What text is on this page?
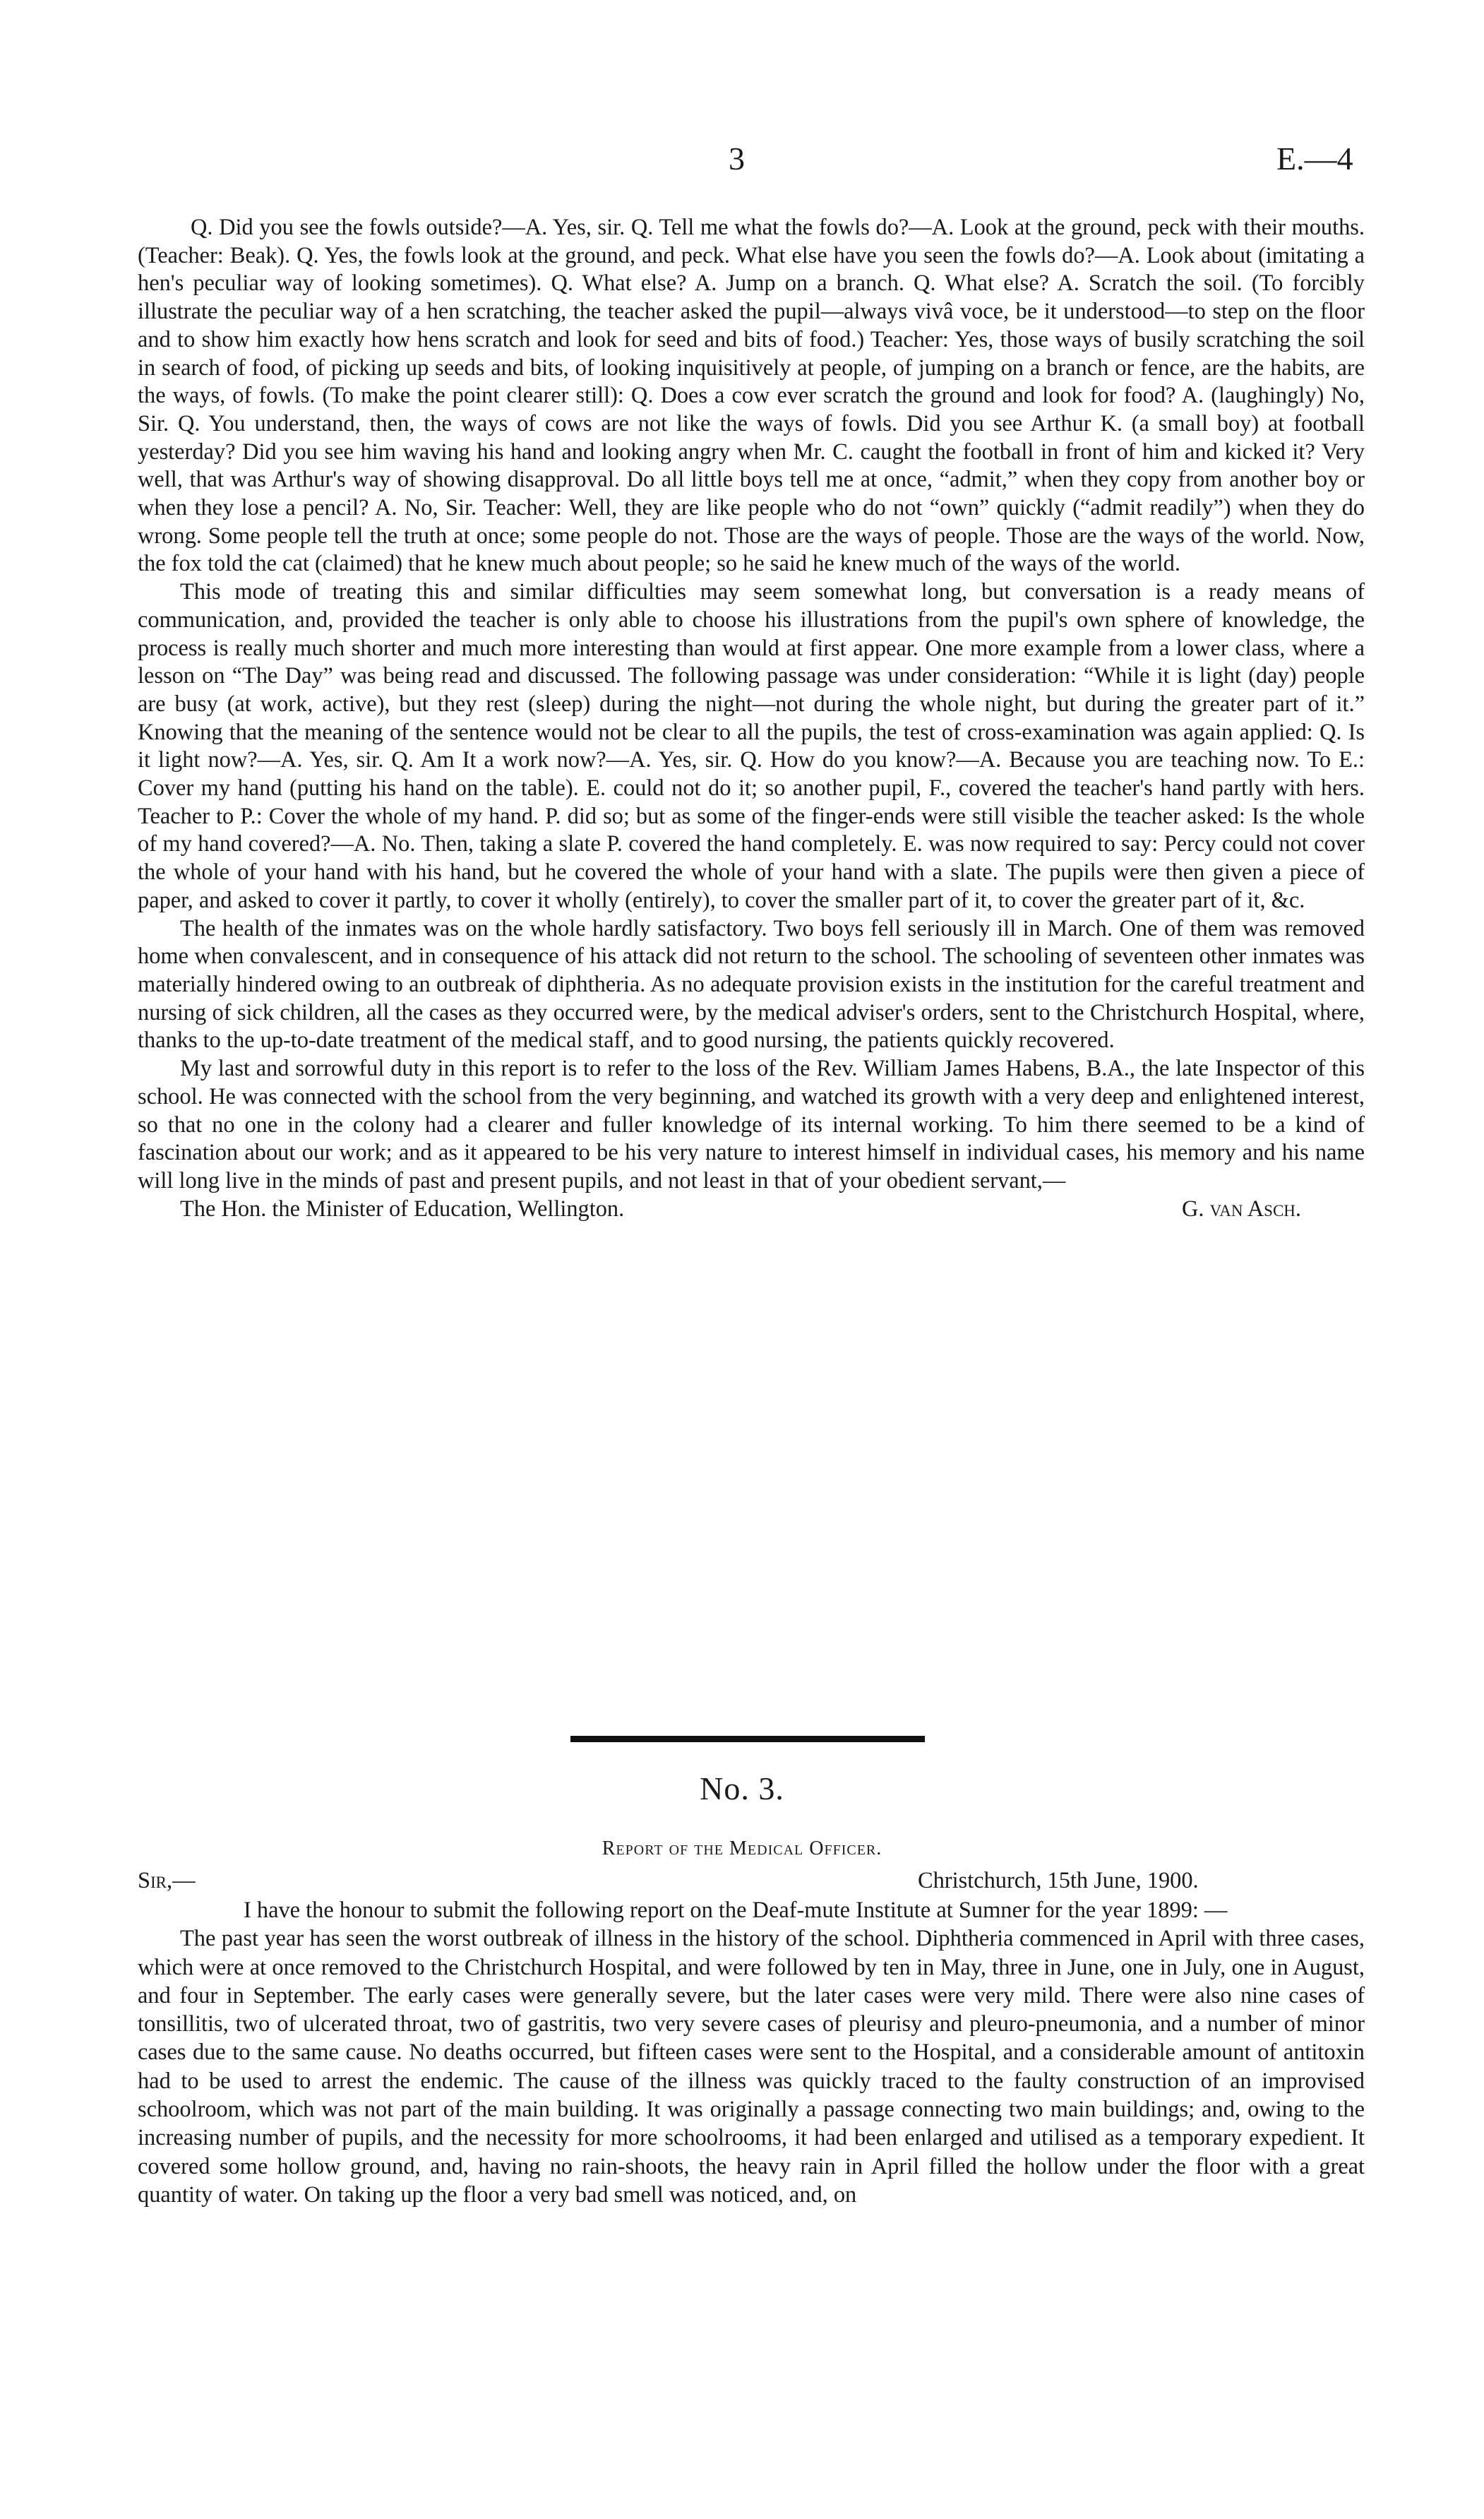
3	E.—4

Q. Did you see the fowls outside?—A. Yes, sir. Q. Tell me what the fowls do?—A. Look at the ground, peck with their mouths. (Teacher: Beak). Q. Yes, the fowls look at the ground, and peck. What else have you seen the fowls do?—A. Look about (imitating a hen's peculiar way of looking sometimes). Q. What else? A. Jump on a branch. Q. What else? A. Scratch the soil. (To forcibly illustrate the peculiar way of a hen scratching, the teacher asked the pupil—always vivâ voce, be it understood—to step on the floor and to show him exactly how hens scratch and look for seed and bits of food.) Teacher: Yes, those ways of busily scratching the soil in search of food, of picking up seeds and bits, of looking inquisitively at people, of jumping on a branch or fence, are the habits, are the ways, of fowls. (To make the point clearer still): Q. Does a cow ever scratch the ground and look for food? A. (laughingly) No, Sir. Q. You understand, then, the ways of cows are not like the ways of fowls. Did you see Arthur K. (a small boy) at football yesterday? Did you see him waving his hand and looking angry when Mr. C. caught the football in front of him and kicked it? Very well, that was Arthur's way of showing disapproval. Do all little boys tell me at once, “admit,” when they copy from another boy or when they lose a pencil? A. No, Sir. Teacher: Well, they are like people who do not “own” quickly (“admit readily”) when they do wrong. Some people tell the truth at once; some people do not. Those are the ways of people. Those are the ways of the world. Now, the fox told the cat (claimed) that he knew much about people; so he said he knew much of the ways of the world.

This mode of treating this and similar difficulties may seem somewhat long, but conversation is a ready means of communication, and, provided the teacher is only able to choose his illustrations from the pupil's own sphere of knowledge, the process is really much shorter and much more interesting than would at first appear. One more example from a lower class, where a lesson on “The Day” was being read and discussed. The following passage was under consideration: “While it is light (day) people are busy (at work, active), but they rest (sleep) during the night—not during the whole night, but during the greater part of it.” Knowing that the meaning of the sentence would not be clear to all the pupils, the test of cross-examination was again applied: Q. Is it light now?—A. Yes, sir. Q. Am It a work now?—A. Yes, sir. Q. How do you know?—A. Because you are teaching now. To E.: Cover my hand (putting his hand on the table). E. could not do it; so another pupil, F., covered the teacher's hand partly with hers. Teacher to P.: Cover the whole of my hand. P. did so; but as some of the finger-ends were still visible the teacher asked: Is the whole of my hand covered?—A. No. Then, taking a slate P. covered the hand completely. E. was now required to say: Percy could not cover the whole of your hand with his hand, but he covered the whole of your hand with a slate. The pupils were then given a piece of paper, and asked to cover it partly, to cover it wholly (entirely), to cover the smaller part of it, to cover the greater part of it, &c.

The health of the inmates was on the whole hardly satisfactory. Two boys fell seriously ill in March. One of them was removed home when convalescent, and in consequence of his attack did not return to the school. The schooling of seventeen other inmates was materially hindered owing to an outbreak of diphtheria. As no adequate provision exists in the institution for the careful treatment and nursing of sick children, all the cases as they occurred were, by the medical adviser's orders, sent to the Christchurch Hospital, where, thanks to the up-to-date treatment of the medical staff, and to good nursing, the patients quickly recovered.

My last and sorrowful duty in this report is to refer to the loss of the Rev. William James Habens, B.A., the late Inspector of this school. He was connected with the school from the very beginning, and watched its growth with a very deep and enlightened interest, so that no one in the colony had a clearer and fuller knowledge of its internal working. To him there seemed to be a kind of fascination about our work; and as it appeared to be his very nature to interest himself in individual cases, his memory and his name will long live in the minds of past and present pupils, and not least in that of your obedient servant,—

The Hon. the Minister of Education, Wellington.	G. van Asch.
No. 3.
Report of the Medical Officer.
Sir,—	Christchurch, 15th June, 1900.

I have the honour to submit the following report on the Deaf-mute Institute at Sumner for the year 1899: —

The past year has seen the worst outbreak of illness in the history of the school. Diphtheria commenced in April with three cases, which were at once removed to the Christchurch Hospital, and were followed by ten in May, three in June, one in July, one in August, and four in September. The early cases were generally severe, but the later cases were very mild. There were also nine cases of tonsillitis, two of ulcerated throat, two of gastritis, two very severe cases of pleurisy and pleuro-pneumonia, and a number of minor cases due to the same cause. No deaths occurred, but fifteen cases were sent to the Hospital, and a considerable amount of antitoxin had to be used to arrest the endemic. The cause of the illness was quickly traced to the faulty construction of an improvised schoolroom, which was not part of the main building. It was originally a passage connecting two main buildings; and, owing to the increasing number of pupils, and the necessity for more schoolrooms, it had been enlarged and utilised as a temporary expedient. It covered some hollow ground, and, having no rain-shoots, the heavy rain in April filled the hollow under the floor with a great quantity of water. On taking up the floor a very bad smell was noticed, and, on
